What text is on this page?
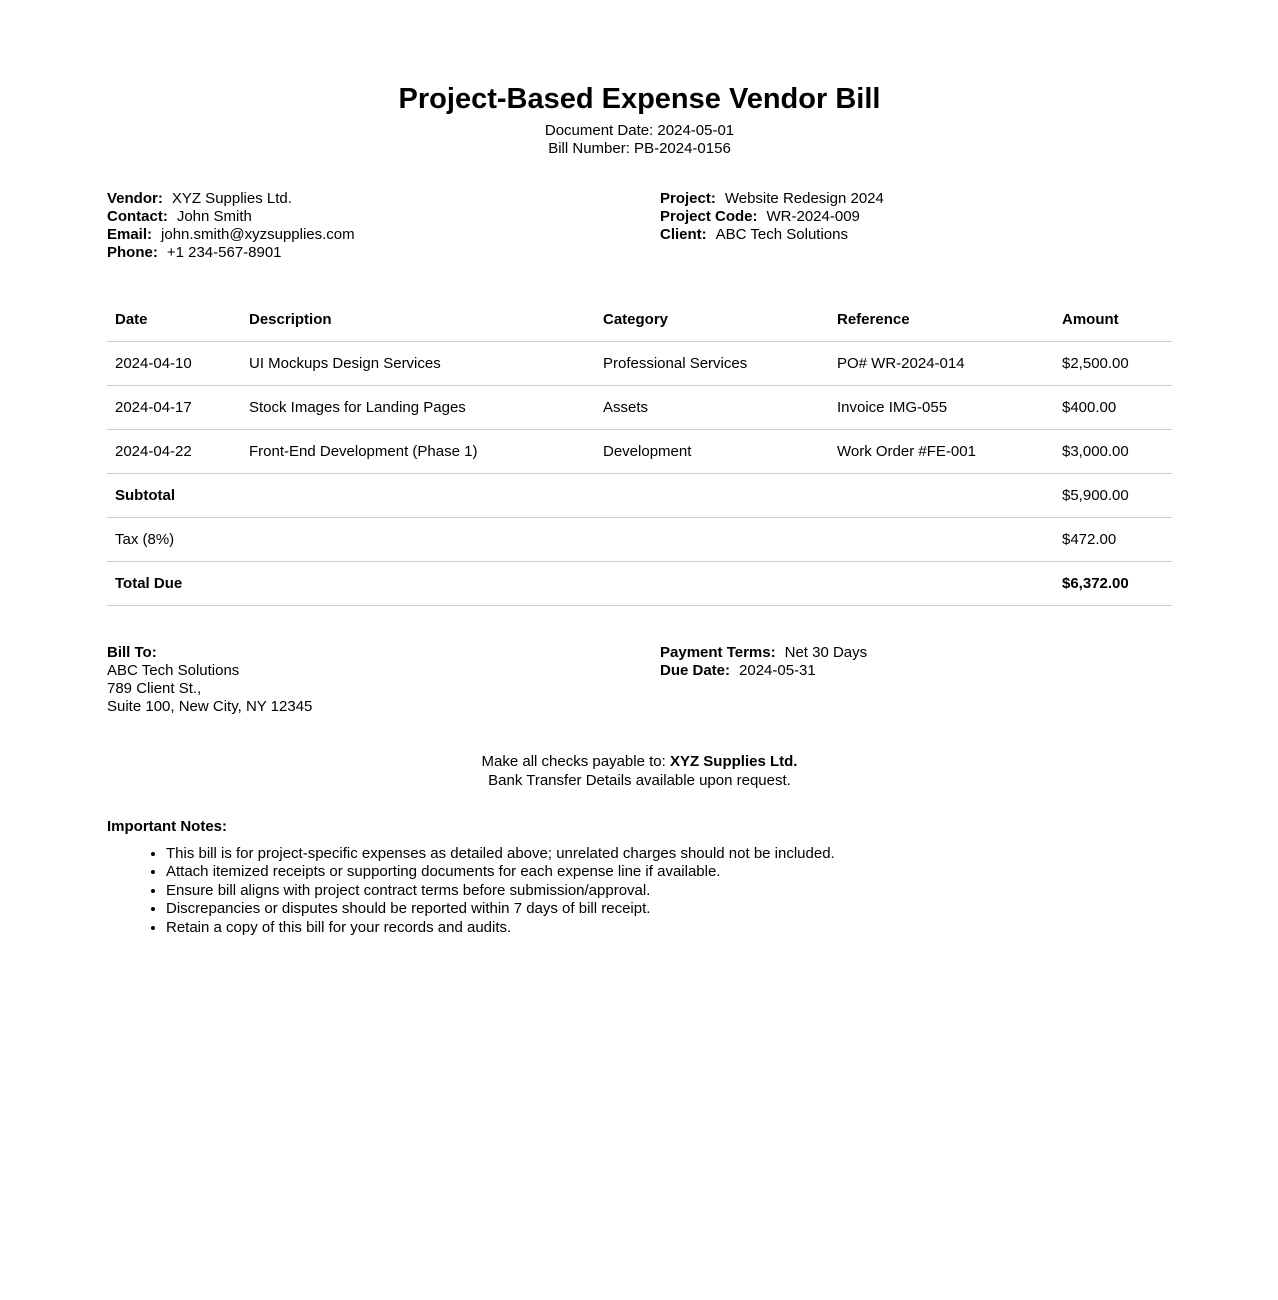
Project-Based Expense Vendor Bill
Document Date: 2024-05-01
Bill Number: PB-2024-0156
Vendor: XYZ Supplies Ltd.
Contact: John Smith
Email: john.smith@xyzsupplies.com
Phone: +1 234-567-8901
Project: Website Redesign 2024
Project Code: WR-2024-009
Client: ABC Tech Solutions
Date	Description	Category	Reference	Amount
2024-04-10	UI Mockups Design Services	Professional Services	PO# WR-2024-014	$2,500.00
2024-04-17	Stock Images for Landing Pages	Assets	Invoice IMG-055	$400.00
2024-04-22	Front-End Development (Phase 1)	Development	Work Order #FE-001	$3,000.00
Subtotal				$5,900.00
Tax (8%)				$472.00
Total Due				$6,372.00
Bill To:
ABC Tech Solutions
789 Client St.,
Suite 100, New City, NY 12345
Payment Terms: Net 30 Days
Due Date: 2024-05-31
Make all checks payable to: XYZ Supplies Ltd.
Bank Transfer Details available upon request.

Important Notes:

• This bill is for project-specific expenses as detailed above; unrelated charges should not be included.
• Attach itemized receipts or supporting documents for each expense line if available.
• Ensure bill aligns with project contract terms before submission/approval.
• Discrepancies or disputes should be reported within 7 days of bill receipt.
• Retain a copy of this bill for your records and audits.
